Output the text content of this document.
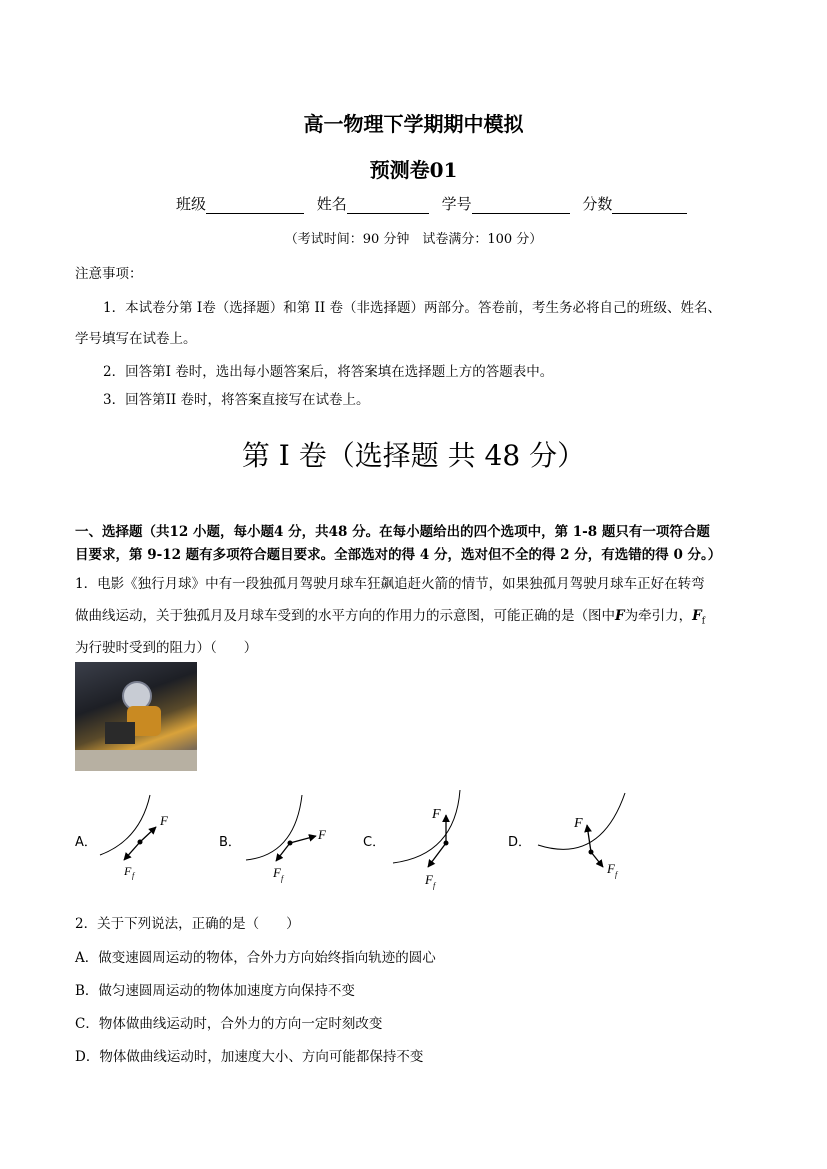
高一物理下学期期中模拟
预测卷01
班级	姓名	学号	分数
（考试时间：90 分钟　试卷满分：100 分）
注意事项：
1．本试卷分第 I卷（选择题）和第 II 卷（非选择题）两部分。答卷前，考生务必将自己的班级、姓名、
学号填写在试卷上。
2．回答第I 卷时，选出每小题答案后，将答案填在选择题上方的答题表中。
3．回答第II 卷时，将答案直接写在试卷上。
第 I 卷（选择题 共 48 分）
一、选择题（共12 小题，每小题4 分，共48 分。在每小题给出的四个选项中，第 1-8 题只有一项符合题
目要求，第 9-12 题有多项符合题目要求。全部选对的得 4 分，选对但不全的得 2 分，有选错的得 0 分。）
1．电影《独行月球》中有一段独孤月驾驶月球车狂飙追赶火箭的情节，如果独孤月驾驶月球车正好在转弯
做曲线运动，关于独孤月及月球车受到的水平方向的作用力的示意图，可能正确的是（图中F为牵引力，$F_f$
为行驶时受到的阻力）（　　）
A．	B．	C．	D．
F
F f
F
F f
F
F f
F
F f
2．关于下列说法，正确的是（　　）
A．做变速圆周运动的物体，合外力方向始终指向轨迹的圆心
B．做匀速圆周运动的物体加速度方向保持不变
C．物体做曲线运动时，合外力的方向一定时刻改变
D．物体做曲线运动时，加速度大小、方向可能都保持不变
